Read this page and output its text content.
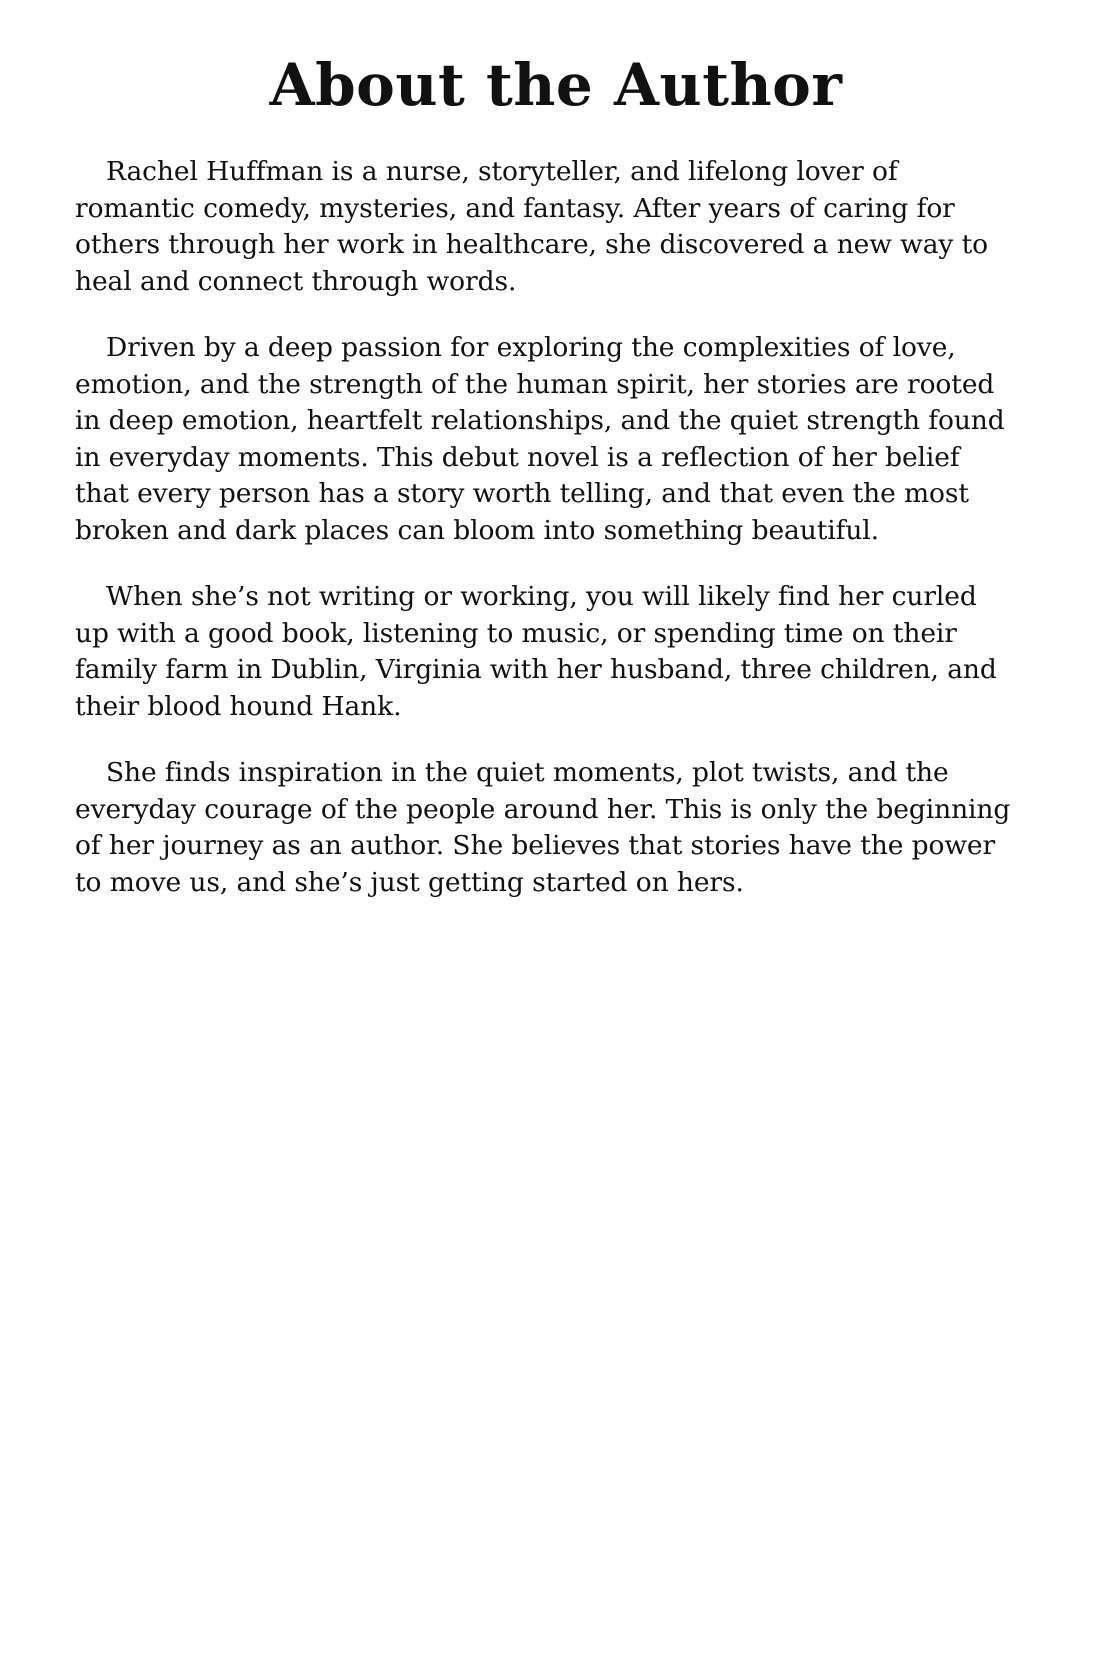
About the Author

Rachel Huffman is a nurse, storyteller, and lifelong lover of
romantic comedy, mysteries, and fantasy. After years of caring for
others through her work in healthcare, she discovered a new way to
heal and connect through words.

Driven by a deep passion for exploring the complexities of love,
emotion, and the strength of the human spirit, her stories are rooted
in deep emotion, heartfelt relationships, and the quiet strength found
in everyday moments. This debut novel is a reflection of her belief
that every person has a story worth telling, and that even the most
broken and dark places can bloom into something beautiful.

When she’s not writing or working, you will likely find her curled
up with a good book, listening to music, or spending time on their
family farm in Dublin, Virginia with her husband, three children, and
their blood hound Hank.

She finds inspiration in the quiet moments, plot twists, and the
everyday courage of the people around her. This is only the beginning
of her journey as an author. She believes that stories have the power
to move us, and she’s just getting started on hers.
